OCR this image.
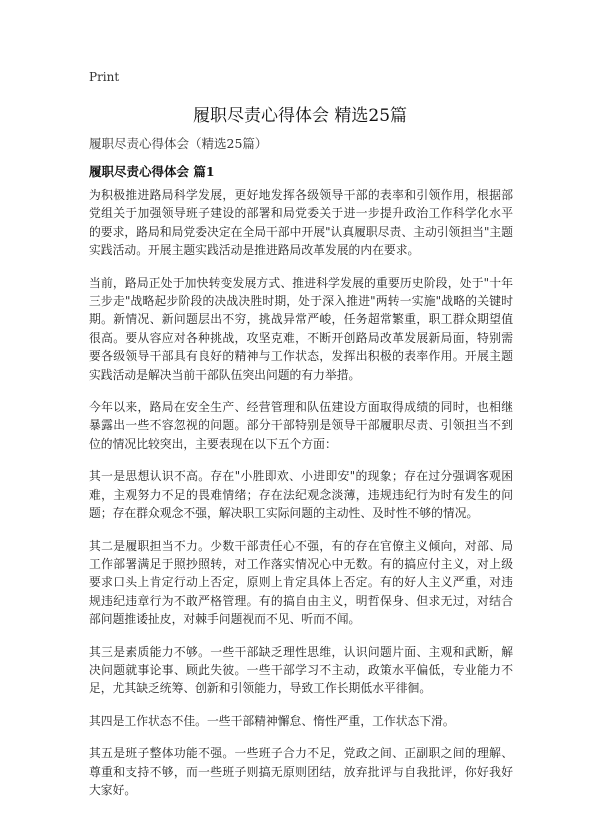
Print
履职尽责心得体会 精选25篇
履职尽责心得体会（精选25篇）
履职尽责心得体会 篇1

为积极推进路局科学发展，更好地发挥各级领导干部的表率和引领作用，根据部党组关于加强领导班子建设的部署和局党委关于进一步提升政治工作科学化水平的要求，路局和局党委决定在全局干部中开展"认真履职尽责、主动引领担当"主题实践活动。开展主题实践活动是推进路局改革发展的内在要求。

当前，路局正处于加快转变发展方式、推进科学发展的重要历史阶段，处于"十年三步走"战略起步阶段的决战决胜时期，处于深入推进"两转一实施"战略的关键时期。新情况、新问题层出不穷，挑战异常严峻，任务超常繁重，职工群众期望值很高。要从容应对各种挑战，攻坚克难，不断开创路局改革发展新局面，特别需要各级领导干部具有良好的精神与工作状态，发挥出积极的表率作用。开展主题实践活动是解决当前干部队伍突出问题的有力举措。

今年以来，路局在安全生产、经营管理和队伍建设方面取得成绩的同时，也相继暴露出一些不容忽视的问题。部分干部特别是领导干部履职尽责、引领担当不到位的情况比较突出，主要表现在以下五个方面：

其一是思想认识不高。存在"小胜即欢、小进即安"的现象；存在过分强调客观困难，主观努力不足的畏难情绪；存在法纪观念淡薄，违规违纪行为时有发生的问题；存在群众观念不强，解决职工实际问题的主动性、及时性不够的情况。

其二是履职担当不力。少数干部责任心不强，有的存在官僚主义倾向，对部、局工作部署满足于照抄照转，对工作落实情况心中无数。有的搞应付主义，对上级要求口头上肯定行动上否定，原则上肯定具体上否定。有的好人主义严重，对违规违纪违章行为不敢严格管理。有的搞自由主义，明哲保身、但求无过，对结合部问题推诿扯皮，对棘手问题视而不见、听而不闻。

其三是素质能力不够。一些干部缺乏理性思维，认识问题片面、主观和武断，解决问题就事论事、顾此失彼。一些干部学习不主动，政策水平偏低，专业能力不足，尤其缺乏统筹、创新和引领能力，导致工作长期低水平徘徊。

其四是工作状态不佳。一些干部精神懈怠、惰性严重，工作状态下滑。

其五是班子整体功能不强。一些班子合力不足，党政之间、正副职之间的理解、尊重和支持不够，而一些班子则搞无原则团结，放弃批评与自我批评，你好我好大家好。
